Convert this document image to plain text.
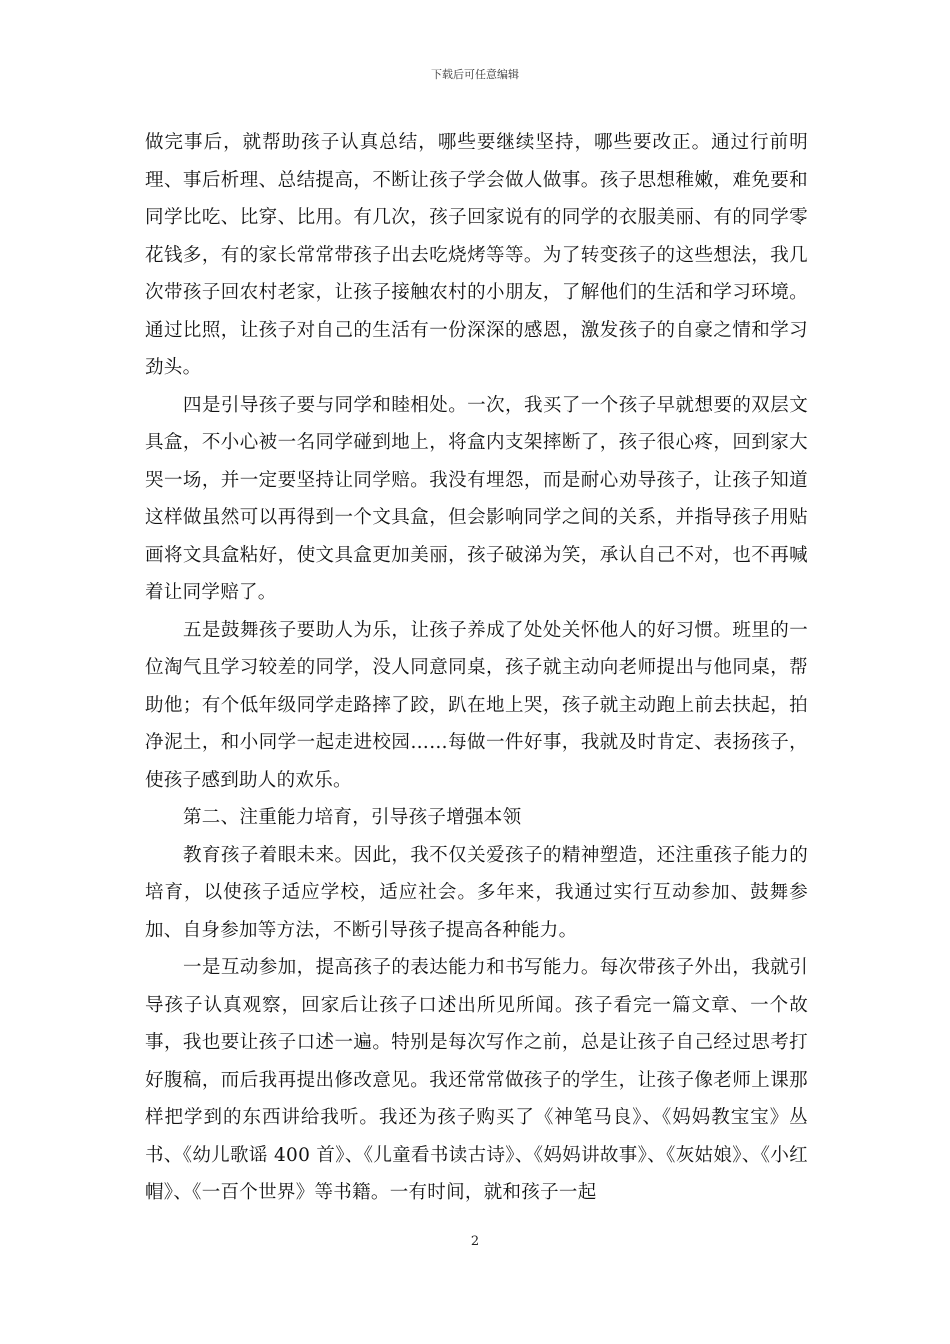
下载后可任意编辑

做完事后，就帮助孩子认真总结，哪些要继续坚持，哪些要改正。通过行前明理、事后析理、总结提高，不断让孩子学会做人做事。孩子思想稚嫩，难免要和同学比吃、比穿、比用。有几次，孩子回家说有的同学的衣服美丽、有的同学零花钱多，有的家长常常带孩子出去吃烧烤等等。为了转变孩子的这些想法，我几次带孩子回农村老家，让孩子接触农村的小朋友，了解他们的生活和学习环境。通过比照，让孩子对自己的生活有一份深深的感恩，激发孩子的自豪之情和学习劲头。

四是引导孩子要与同学和睦相处。一次，我买了一个孩子早就想要的双层文具盒，不小心被一名同学碰到地上，将盒内支架摔断了，孩子很心疼，回到家大哭一场，并一定要坚持让同学赔。我没有埋怨，而是耐心劝导孩子，让孩子知道这样做虽然可以再得到一个文具盒，但会影响同学之间的关系，并指导孩子用贴画将文具盒粘好，使文具盒更加美丽，孩子破涕为笑，承认自己不对，也不再喊着让同学赔了。

五是鼓舞孩子要助人为乐，让孩子养成了处处关怀他人的好习惯。班里的一位淘气且学习较差的同学，没人同意同桌，孩子就主动向老师提出与他同桌，帮助他；有个低年级同学走路摔了跤，趴在地上哭，孩子就主动跑上前去扶起，拍净泥土，和小同学一起走进校园……每做一件好事，我就及时肯定、表扬孩子，使孩子感到助人的欢乐。

第二、注重能力培育，引导孩子增强本领

教育孩子着眼未来。因此，我不仅关爱孩子的精神塑造，还注重孩子能力的培育，以使孩子适应学校，适应社会。多年来，我通过实行互动参加、鼓舞参加、自身参加等方法，不断引导孩子提高各种能力。

一是互动参加，提高孩子的表达能力和书写能力。每次带孩子外出，我就引导孩子认真观察，回家后让孩子口述出所见所闻。孩子看完一篇文章、一个故事，我也要让孩子口述一遍。特别是每次写作之前，总是让孩子自己经过思考打好腹稿，而后我再提出修改意见。我还常常做孩子的学生，让孩子像老师上课那样把学到的东西讲给我听。我还为孩子购买了《神笔马良》、《妈妈教宝宝》丛书、《幼儿歌谣 400 首》、《儿童看书读古诗》、《妈妈讲故事》、《灰姑娘》、《小红帽》、《一百个世界》等书籍。一有时间，就和孩子一起

2
